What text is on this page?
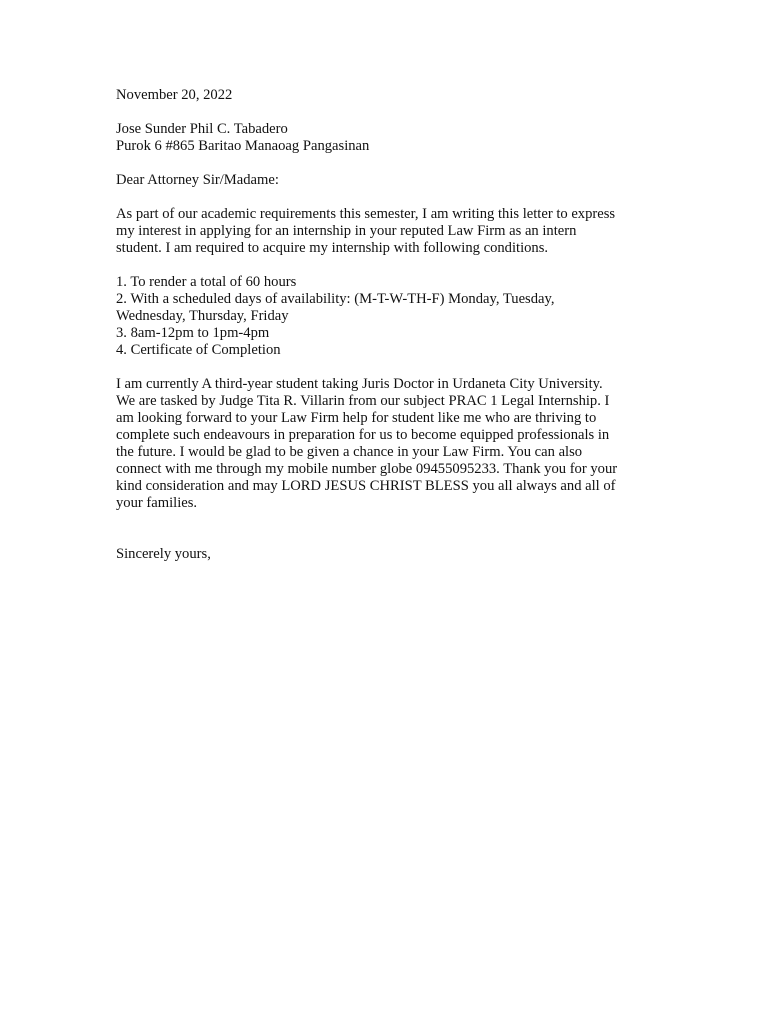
November 20, 2022
Jose Sunder Phil C. Tabadero
Purok 6 #865 Baritao Manaoag Pangasinan
Dear Attorney Sir/Madame:
As part of our academic requirements this semester, I am writing this letter to express
my interest in applying for an internship in your reputed Law Firm as an intern
student. I am required to acquire my internship with following conditions.
1. To render a total of 60 hours
2. With a scheduled days of availability: (M-T-W-TH-F) Monday, Tuesday,
Wednesday, Thursday, Friday
3. 8am-12pm to 1pm-4pm
4. Certificate of Completion
I am currently A third-year student taking Juris Doctor in Urdaneta City University.
We are tasked by Judge Tita R. Villarin from our subject PRAC 1 Legal Internship. I
am looking forward to your Law Firm help for student like me who are thriving to
complete such endeavours in preparation for us to become equipped professionals in
the future. I would be glad to be given a chance in your Law Firm. You can also
connect with me through my mobile number globe 09455095233. Thank you for your
kind consideration and may LORD JESUS CHRIST BLESS you all always and all of
your families.
Sincerely yours,
